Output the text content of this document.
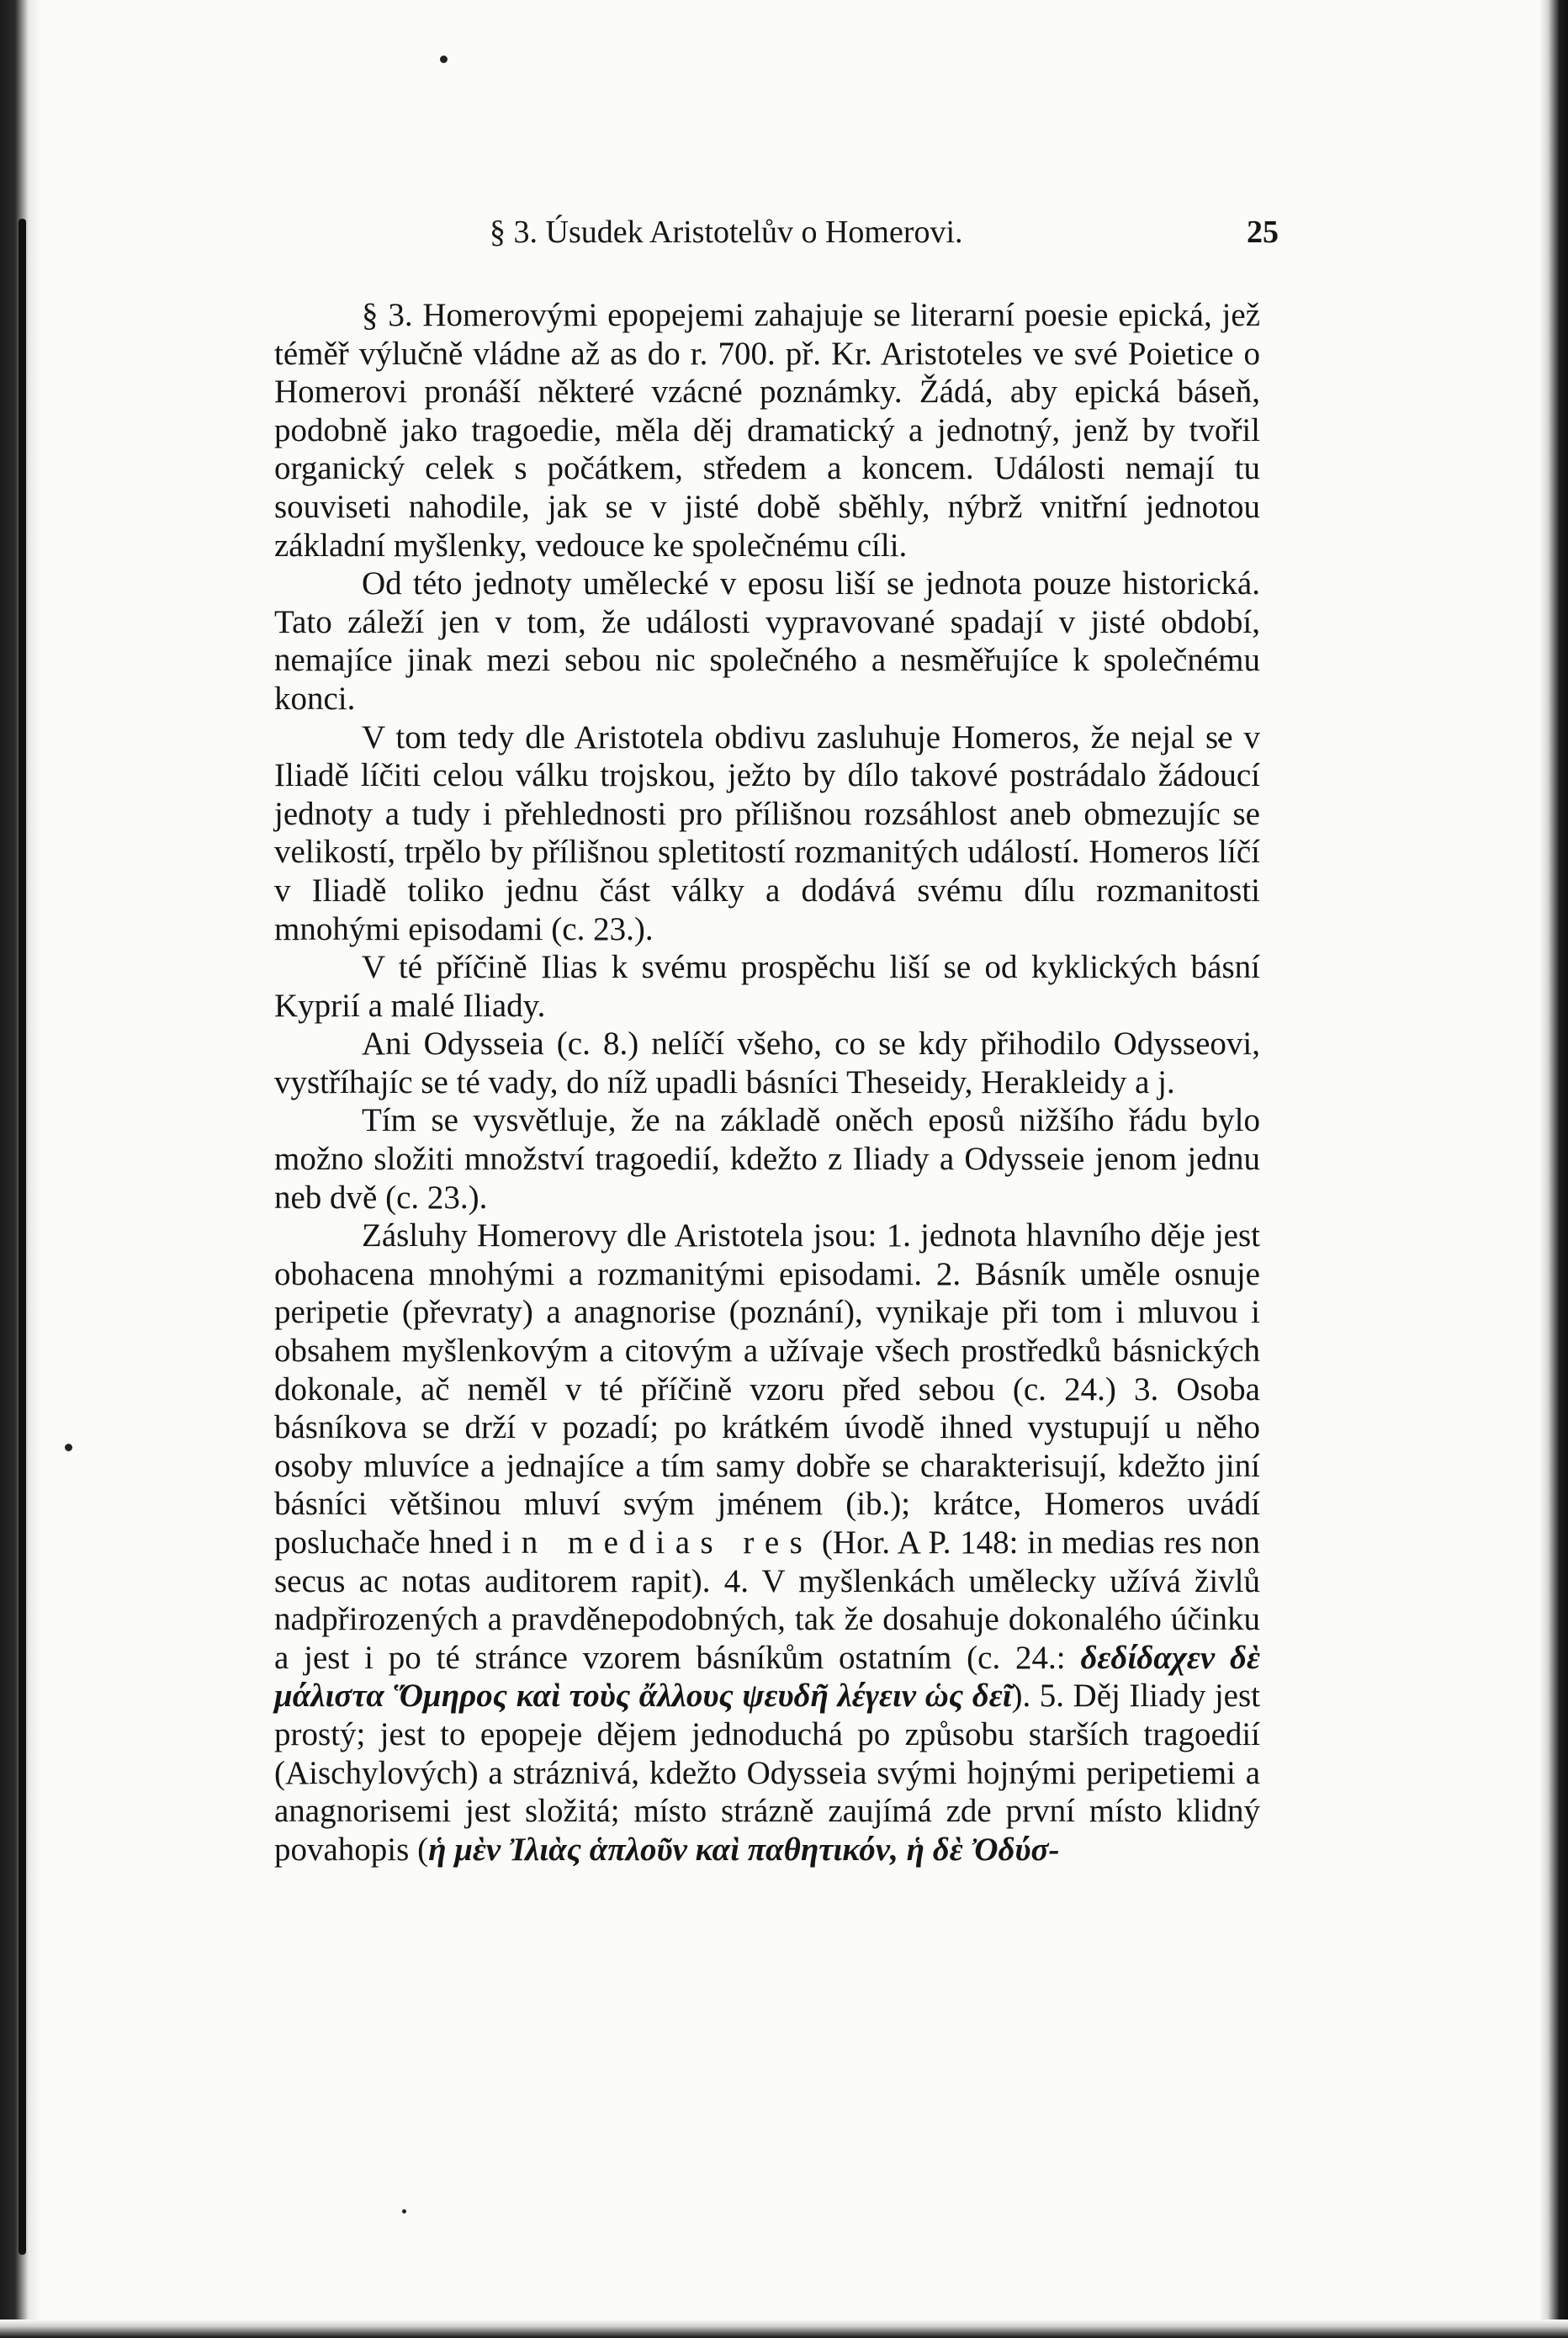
§ 3. Úsudek Aristotelův o Homerovi.	25

§ 3. Homerovými epopejemi zahajuje se literarní poesie epická, jež téměř výlučně vládne až as do r. 700. př. Kr. Aristoteles ve své Poietice o Homerovi pronáší některé vzácné poznámky. Žádá, aby epická báseň, podobně jako tragoedie, měla děj dramatický a jednotný, jenž by tvořil organický celek s počátkem, středem a koncem. Události nemají tu souviseti nahodile, jak se v jisté době sběhly, nýbrž vnitřní jednotou základní myšlenky, vedouce ke společnému cíli.

Od této jednoty umělecké v eposu liší se jednota pouze historická. Tato záleží jen v tom, že události vypravované spadají v jisté období, nemajíce jinak mezi sebou nic společného a nesměřujíce k společnému konci.

V tom tedy dle Aristotela obdivu zasluhuje Homeros, že nejal se v Iliadě líčiti celou válku trojskou, ježto by dílo takové postrádalo žádoucí jednoty a tudy i přehlednosti pro přílišnou rozsáhlost aneb obmezujíc se velikostí, trpělo by přílišnou spletitostí rozmanitých událostí. Homeros líčí v Iliadě toliko jednu část války a dodává svému dílu rozmanitosti mnohými episodami (c. 23.).

V té příčině Ilias k svému prospěchu liší se od kyklických básní Kyprií a malé Iliady.

Ani Odysseia (c. 8.) nelíčí všeho, co se kdy přihodilo Odysseovi, vystříhajíc se té vady, do níž upadli básníci Theseidy, Herakleidy a j.

Tím se vysvětluje, že na základě oněch eposů nižšího řádu bylo možno složiti množství tragoedií, kdežto z Iliady a Odysseie jenom jednu neb dvě (c. 23.).

Zásluhy Homerovy dle Aristotela jsou: 1. jednota hlavního děje jest obohacena mnohými a rozmanitými episodami. 2. Básník uměle osnuje peripetie (převraty) a anagnorise (poznání), vynikaje při tom i mluvou i obsahem myšlenkovým a citovým a užívaje všech prostředků básnických dokonale, ač neměl v té příčině vzoru před sebou (c. 24.) 3. Osoba básníkova se drží v pozadí; po krátkém úvodě ihned vystupují u něho osoby mluvíce a jednajíce a tím samy dobře se charakterisují, kdežto jiní básníci většinou mluví svým jménem (ib.); krátce, Homeros uvádí posluchače hned in medias res (Hor. A P. 148: in medias res non secus ac notas auditorem rapit). 4. V myšlenkách umělecky užívá živlů nadpřirozených a pravděnepodobných, tak že dosahuje dokonalého účinku a jest i po té stránce vzorem básníkům ostatním (c. 24.: δεδίδαχεν δὲ μάλιστα Ὅμηρος καὶ τοὺς ἄλλους ψευδῆ λέγειν ὡς δεῖ). 5. Děj Iliady jest prostý; jest to epopeje dějem jednoduchá po způsobu starších tragoedií (Aischylových) a stráznivá, kdežto Odysseia svými hojnými peripetiemi a anagnorisemi jest složitá; místo strázně zaujímá zde první místo klidný povahopis (ἡ μὲν Ἰλιὰς ἁπλοῦν καὶ παθητικόν, ἡ δὲ Ὀδύσ-
